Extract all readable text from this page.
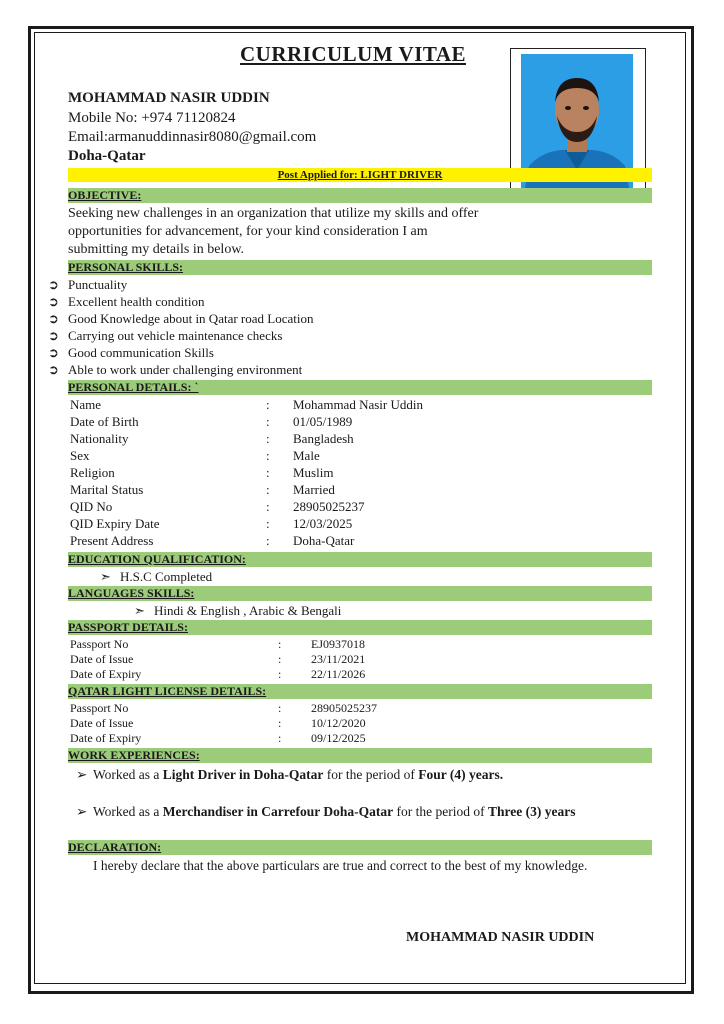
CURRICULUM VITAE
MOHAMMAD NASIR UDDIN
Mobile No: +974 71120824
Email:armanuddinnasir8080@gmail.com
Doha-Qatar
Post Applied for: LIGHT DRIVER
OBJECTIVE:
Seeking new challenges in an organization that utilize my skills and offer
opportunities for advancement, for your kind consideration I am
submitting my details in below.
PERSONAL SKILLS:
➲ Punctuality
➲ Excellent health condition
➲ Good Knowledge about in Qatar road Location
➲ Carrying out vehicle maintenance checks
➲ Good communication Skills
➲ Able to work under challenging environment
PERSONAL DETAILS: `
Name	: Mohammad Nasir Uddin
Date of Birth	: 01/05/1989
Nationality	: Bangladesh
Sex	: Male
Religion	: Muslim
Marital Status	: Married
QID No	: 28905025237
QID Expiry Date	: 12/03/2025
Present Address	: Doha-Qatar
EDUCATION QUALIFICATION:
➣ H.S.C Completed
LANGUAGES SKILLS:
➣ Hindi & English , Arabic & Bengali
PASSPORT DETAILS:
Passport No	: EJ0937018
Date of Issue	: 23/11/2021
Date of Expiry	: 22/11/2026
QATAR LIGHT LICENSE DETAILS:
Passport No	: 28905025237
Date of Issue	: 10/12/2020
Date of Expiry	: 09/12/2025
WORK EXPERIENCES:
➢ Worked as a Light Driver in Doha-Qatar for the period of Four (4) years.
➢ Worked as a Merchandiser in Carrefour Doha-Qatar for the period of Three (3) years
DECLARATION:
I hereby declare that the above particulars are true and correct to the best of my knowledge.
MOHAMMAD NASIR UDDIN
